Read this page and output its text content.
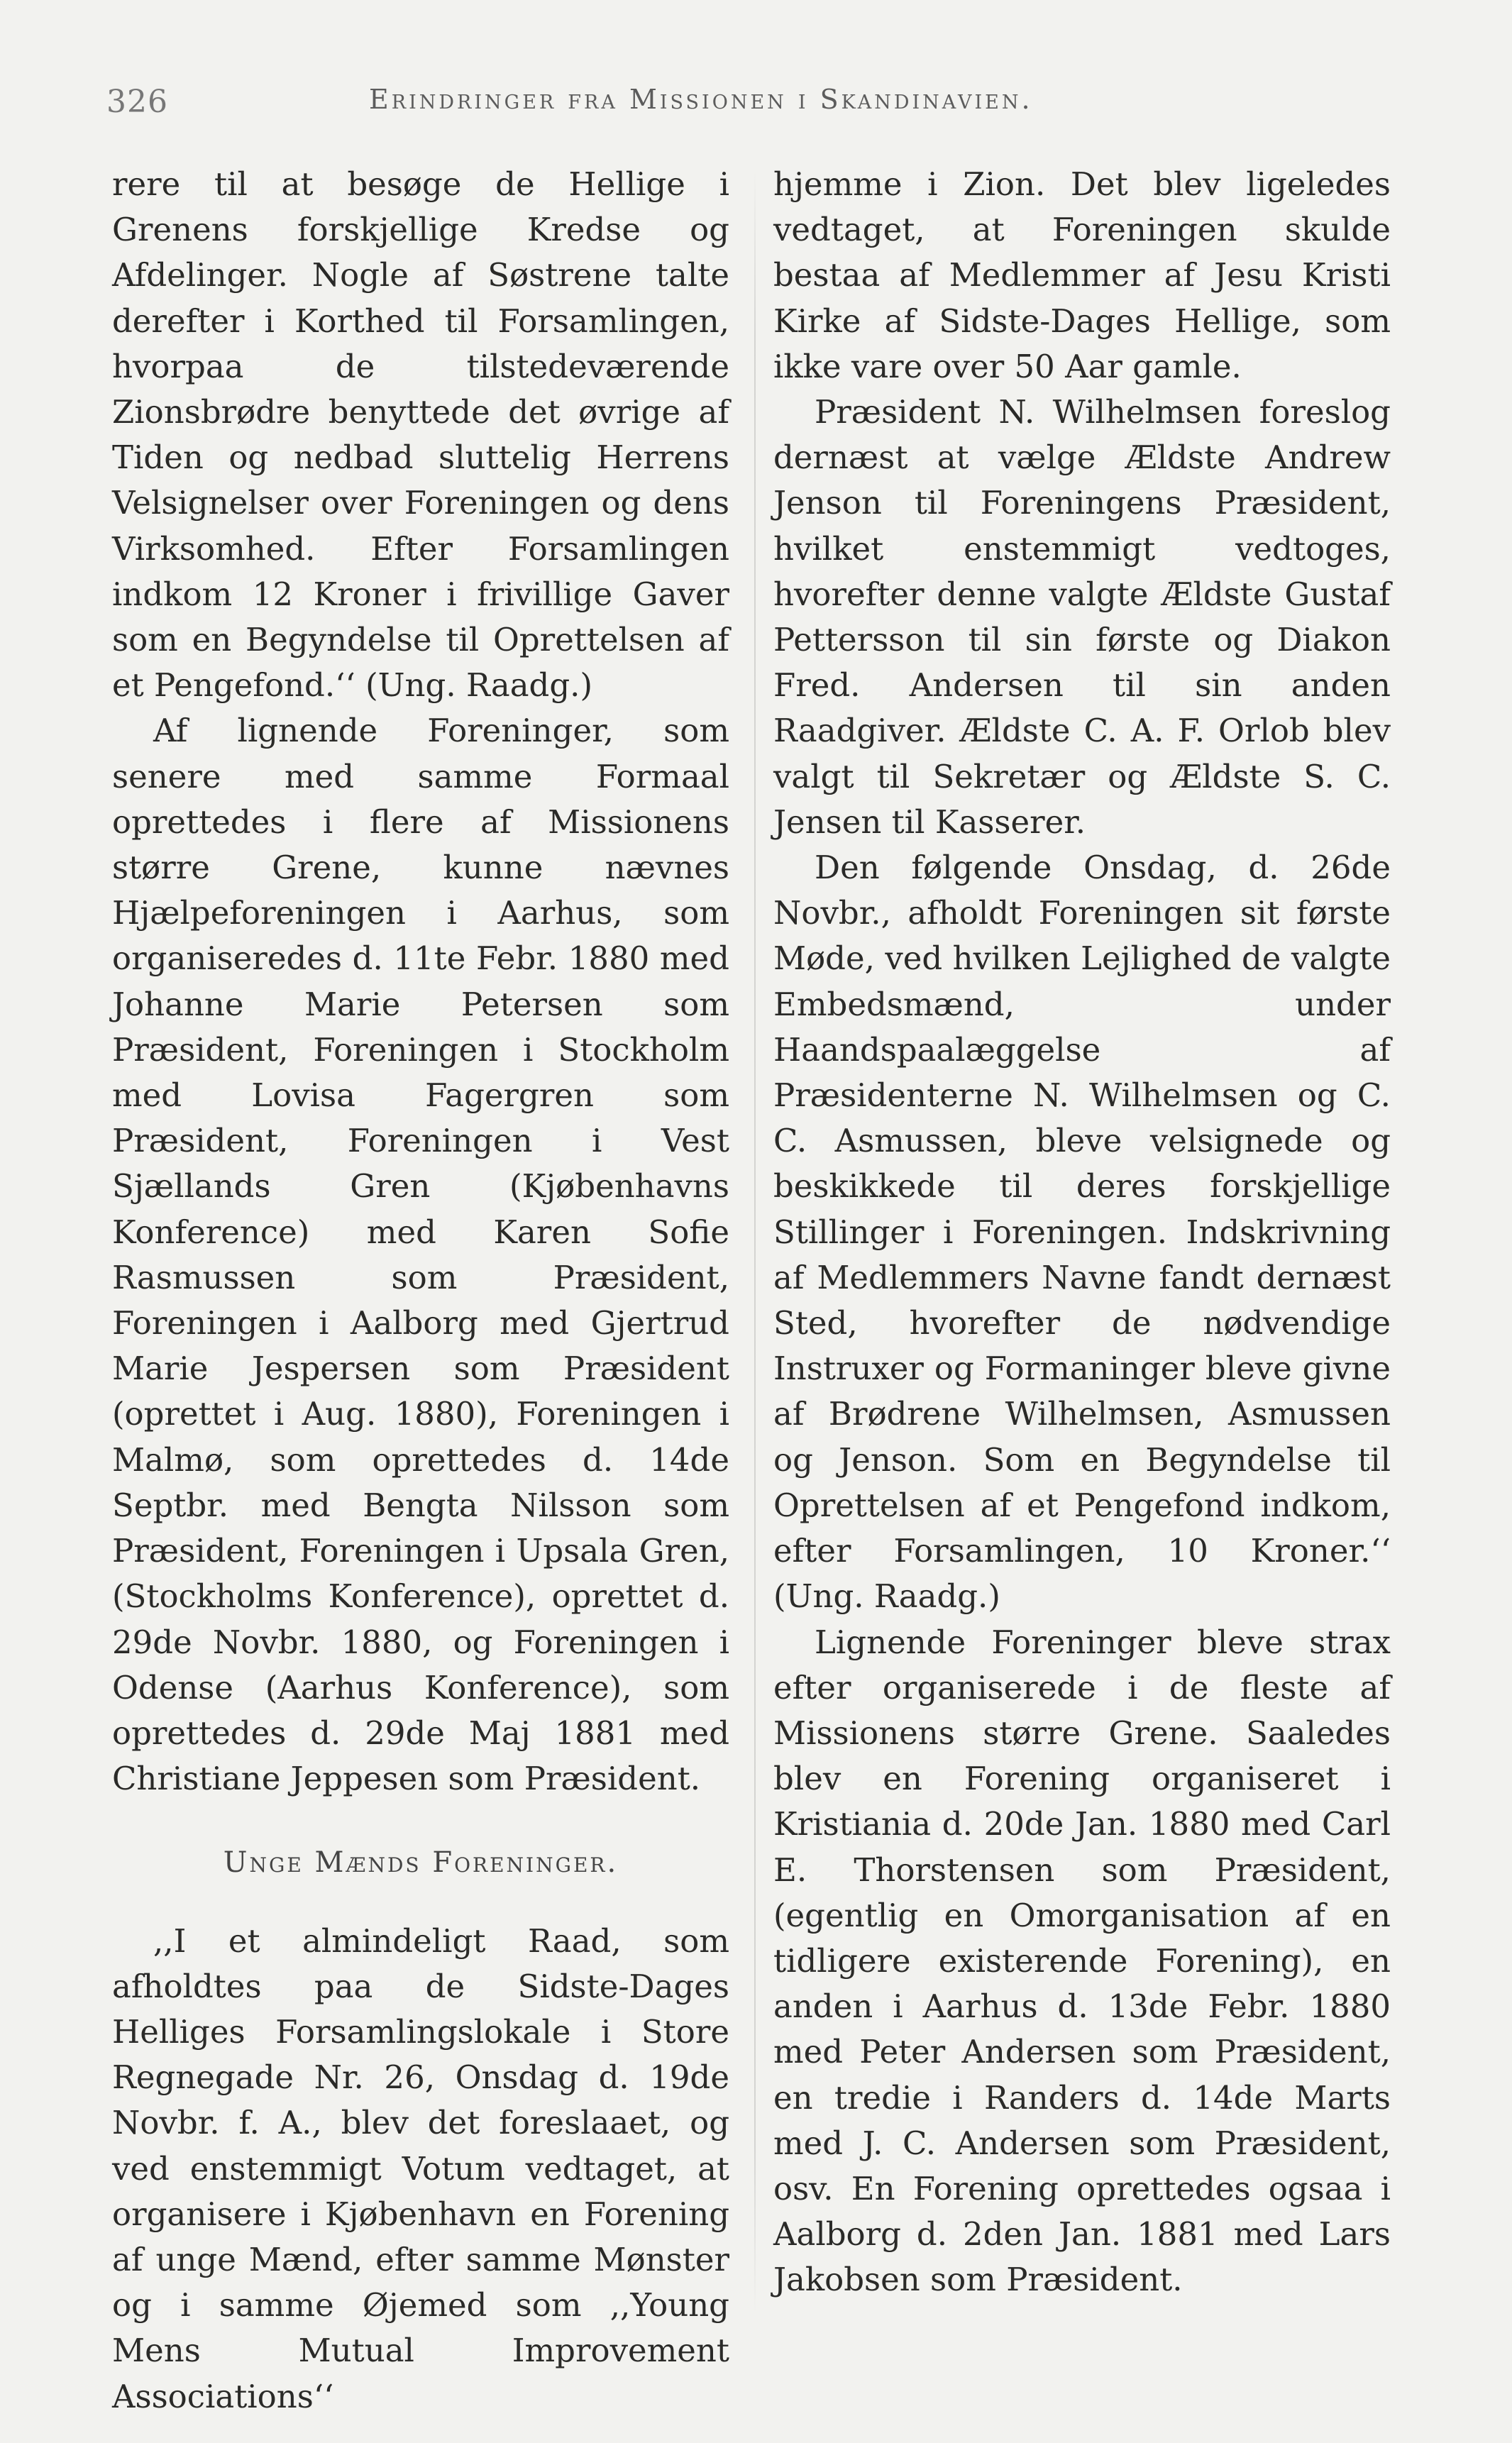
326	Erindringer fra Missionen i Skandinavien.

rere til at besøge de Hellige i Grenens forskjellige Kredse og Afdelinger. Nogle af Søstrene talte derefter i Korthed til Forsamlingen, hvorpaa de tilstedeværende Zionsbrødre benyttede det øvrige af Tiden og nedbad sluttelig Herrens Velsignelser over Foreningen og dens Virksomhed. Efter Forsamlingen indkom 12 Kroner i frivillige Gaver som en Begyndelse til Oprettelsen af et Pengefond.‘‘ (Ung. Raadg.)

Af lignende Foreninger, som senere med samme Formaal oprettedes i flere af Missionens større Grene, kunne nævnes Hjælpeforeningen i Aarhus, som organiseredes d. 11te Febr. 1880 med Johanne Marie Petersen som Præsident, Foreningen i Stockholm med Lovisa Fagergren som Præsident, Foreningen i Vest Sjællands Gren (Kjøbenhavns Konference) med Karen Sofie Rasmussen som Præsident, Foreningen i Aalborg med Gjertrud Marie Jespersen som Præsident (oprettet i Aug. 1880), Foreningen i Malmø, som oprettedes d. 14de Septbr. med Bengta Nilsson som Præsident, Foreningen i Upsala Gren, (Stockholms Konference), oprettet d. 29de Novbr. 1880, og Foreningen i Odense (Aarhus Konference), som oprettedes d. 29de Maj 1881 med Christiane Jeppesen som Præsident.

Unge Mænds Foreninger.

,,I et almindeligt Raad, som afholdtes paa de Sidste-Dages Helliges Forsamlingslokale i Store Regnegade Nr. 26, Onsdag d. 19de Novbr. f. A., blev det foreslaaet, og ved enstemmigt Votum vedtaget, at organisere i Kjøbenhavn en Forening af unge Mænd, efter samme Mønster og i samme Øjemed som ,,Young Mens Mutual Improvement Associations‘‘

hjemme i Zion. Det blev ligeledes vedtaget, at Foreningen skulde bestaa af Medlemmer af Jesu Kristi Kirke af Sidste-Dages Hellige, som ikke vare over 50 Aar gamle.

Præsident N. Wilhelmsen foreslog dernæst at vælge Ældste Andrew Jenson til Foreningens Præsident, hvilket enstemmigt vedtoges, hvorefter denne valgte Ældste Gustaf Pettersson til sin første og Diakon Fred. Andersen til sin anden Raadgiver. Ældste C. A. F. Orlob blev valgt til Sekretær og Ældste S. C. Jensen til Kasserer.

Den følgende Onsdag, d. 26de Novbr., afholdt Foreningen sit første Møde, ved hvilken Lejlighed de valgte Embedsmænd, under Haandspaalæggelse af Præsidenterne N. Wilhelmsen og C. C. Asmussen, bleve velsignede og beskikkede til deres forskjellige Stillinger i Foreningen. Indskrivning af Medlemmers Navne fandt dernæst Sted, hvorefter de nødvendige Instruxer og Formaninger bleve givne af Brødrene Wilhelmsen, Asmussen og Jenson. Som en Begyndelse til Oprettelsen af et Pengefond indkom, efter Forsamlingen, 10 Kroner.‘‘ (Ung. Raadg.)

Lignende Foreninger bleve strax efter organiserede i de fleste af Missionens større Grene. Saaledes blev en Forening organiseret i Kristiania d. 20de Jan. 1880 med Carl E. Thorstensen som Præsident, (egentlig en Omorganisation af en tidligere existerende Forening), en anden i Aarhus d. 13de Febr. 1880 med Peter Andersen som Præsident, en tredie i Randers d. 14de Marts med J. C. Andersen som Præsident, osv. En Forening oprettedes ogsaa i Aalborg d. 2den Jan. 1881 med Lars Jakobsen som Præsident.
